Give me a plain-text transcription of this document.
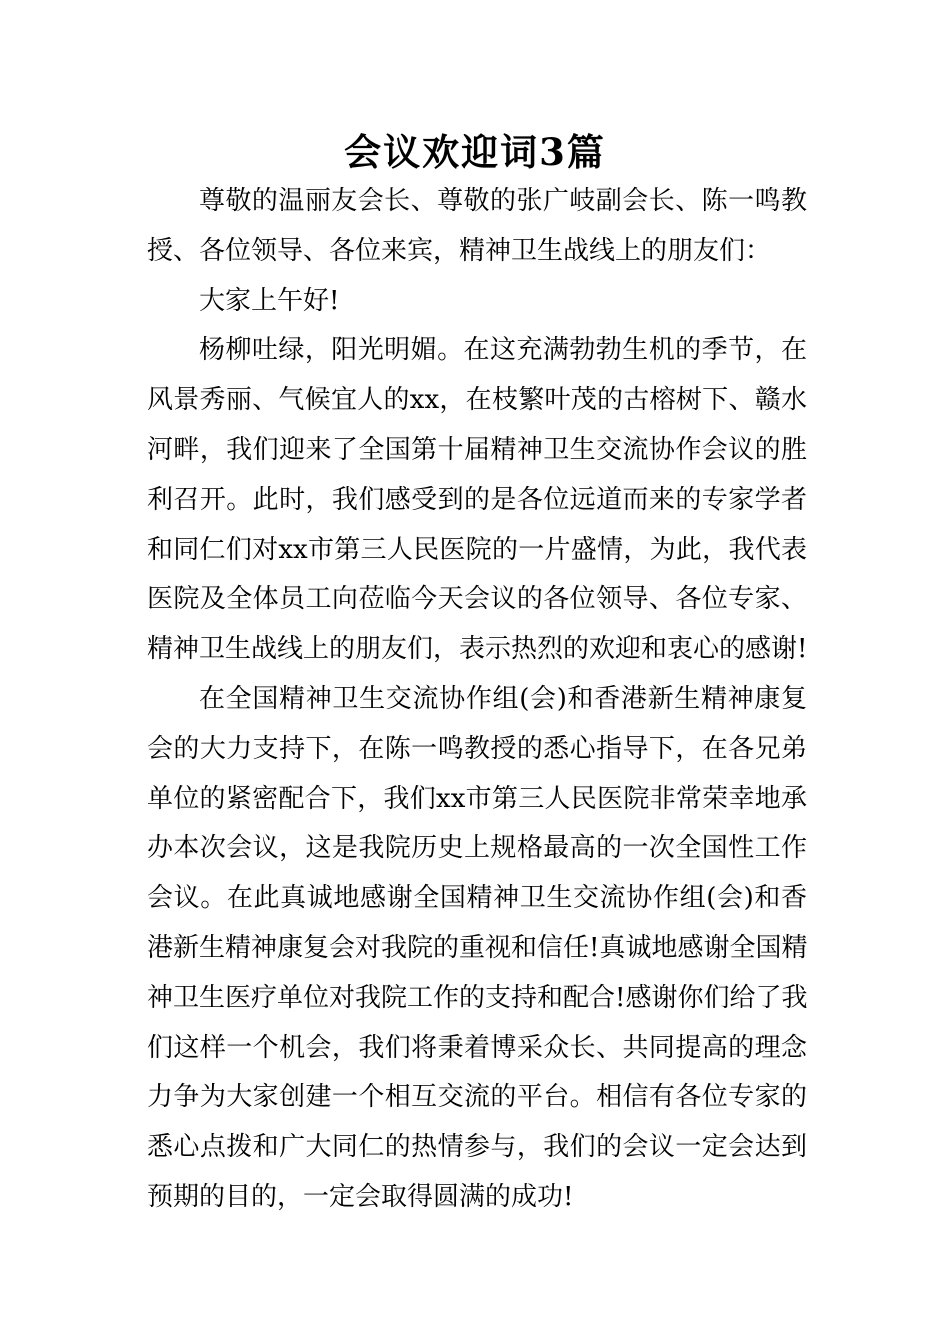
会议欢迎词3篇
尊敬的温丽友会长、尊敬的张广岐副会长、陈一鸣教
授、各位领导、各位来宾，精神卫生战线上的朋友们：
大家上午好!
杨柳吐绿，阳光明媚。在这充满勃勃生机的季节，在
风景秀丽、气候宜人的xx，在枝繁叶茂的古榕树下、赣水
河畔，我们迎来了全国第十届精神卫生交流协作会议的胜
利召开。此时，我们感受到的是各位远道而来的专家学者
和同仁们对xx市第三人民医院的一片盛情，为此，我代表
医院及全体员工向莅临今天会议的各位领导、各位专家、
精神卫生战线上的朋友们，表示热烈的欢迎和衷心的感谢!
在全国精神卫生交流协作组(会)和香港新生精神康复
会的大力支持下，在陈一鸣教授的悉心指导下，在各兄弟
单位的紧密配合下，我们xx市第三人民医院非常荣幸地承
办本次会议，这是我院历史上规格最高的一次全国性工作
会议。在此真诚地感谢全国精神卫生交流协作组(会)和香
港新生精神康复会对我院的重视和信任!真诚地感谢全国精
神卫生医疗单位对我院工作的支持和配合!感谢你们给了我
们这样一个机会，我们将秉着博采众长、共同提高的理念
力争为大家创建一个相互交流的平台。相信有各位专家的
悉心点拨和广大同仁的热情参与，我们的会议一定会达到
预期的目的，一定会取得圆满的成功!
